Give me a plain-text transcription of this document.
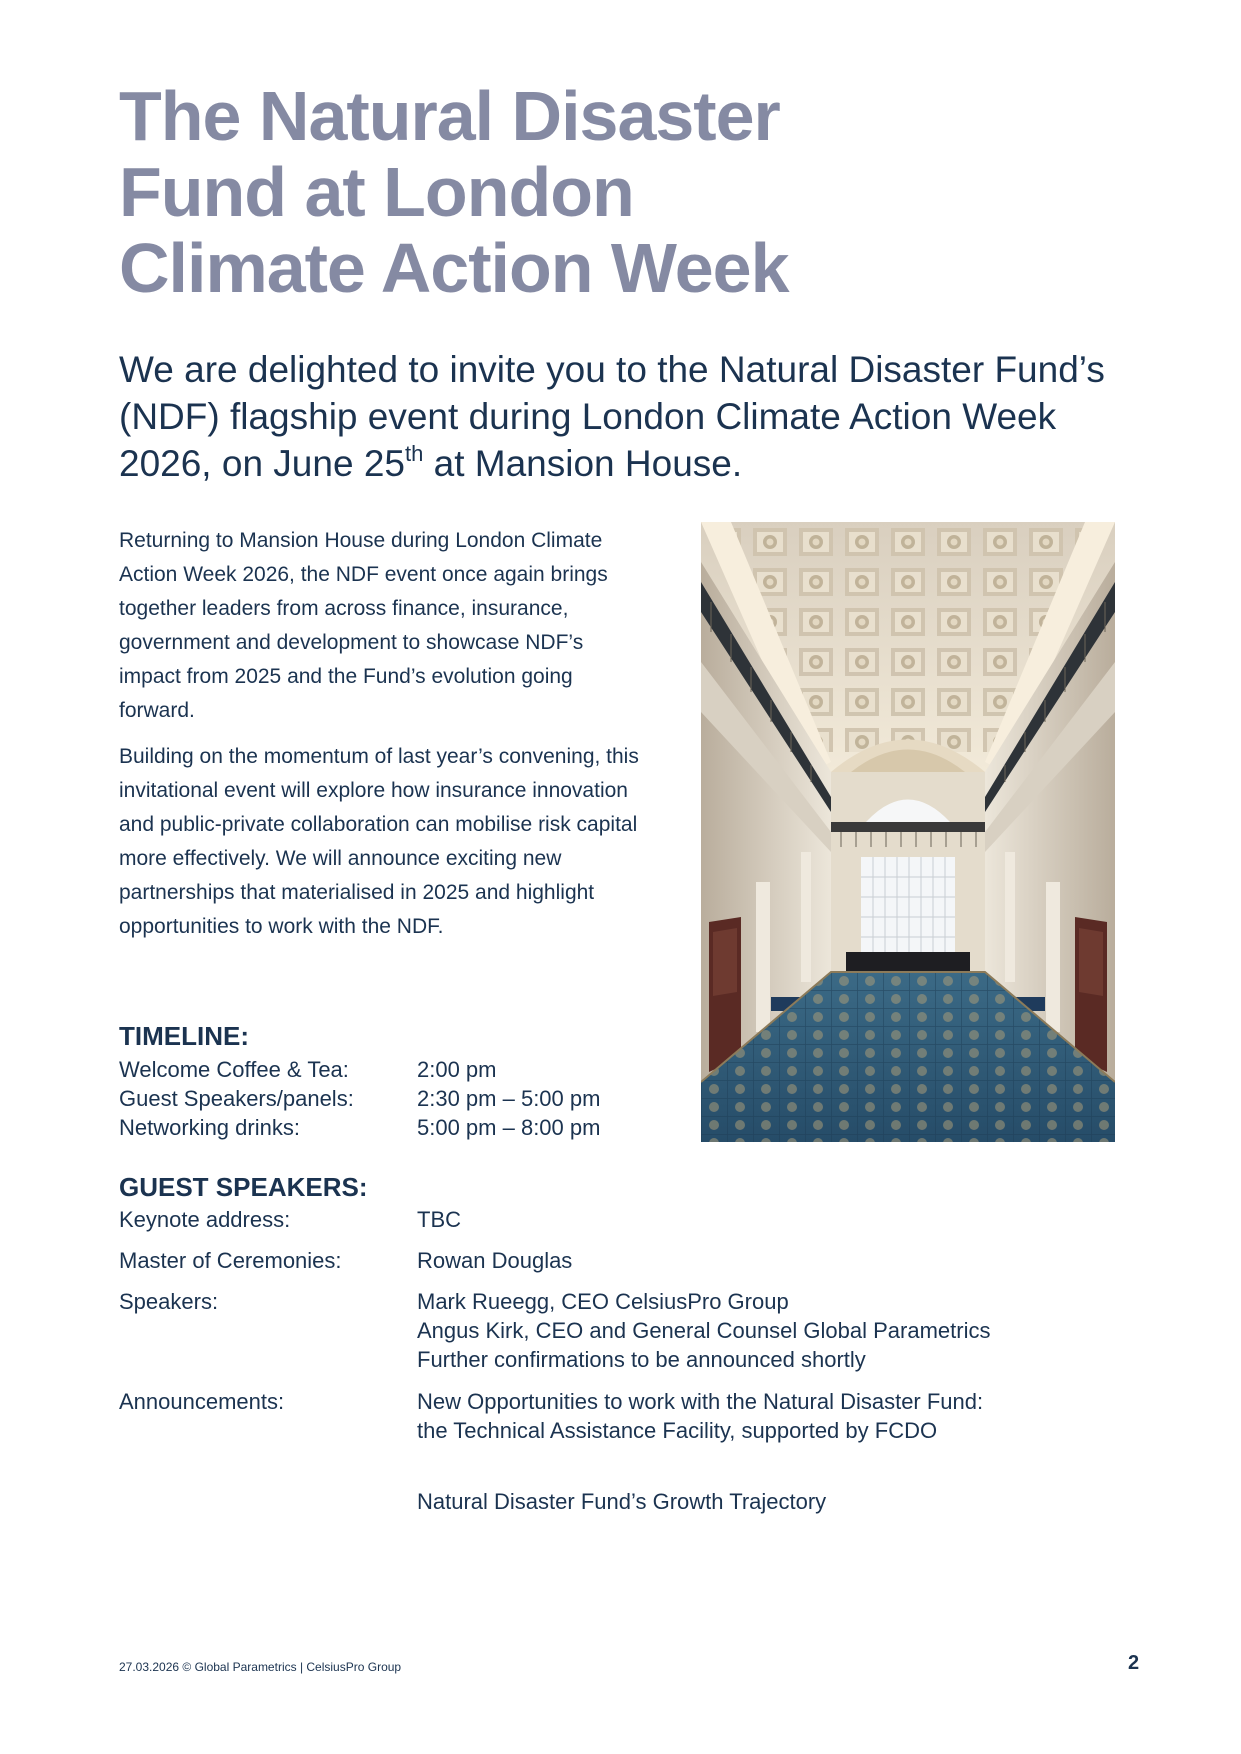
The Natural Disaster
Fund at London
Climate Action Week
We are delighted to invite you to the Natural Disaster Fund’s (NDF) flagship event during London Climate Action Week 2026, on June 25th at Mansion House.

Returning to Mansion House during London Climate Action Week 2026, the NDF event once again brings together leaders from across finance, insurance, government and development to showcase NDF’s impact from 2025 and the Fund’s evolution going forward.

Building on the momentum of last year’s convening, this invitational event will explore how insurance innovation and public-private collaboration can mobilise risk capital more effectively. We will announce exciting new partnerships that materialised in 2025 and highlight opportunities to work with the NDF.

TIMELINE:
Welcome Coffee & Tea:	2:00 pm
Guest Speakers/panels:	2:30 pm – 5:00 pm
Networking drinks:	5:00 pm – 8:00 pm
GUEST SPEAKERS:
Keynote address:	TBC
Master of Ceremonies:	Rowan Douglas
Speakers:	Mark Rueegg, CEO CelsiusPro Group
Angus Kirk, CEO and General Counsel Global Parametrics
Further confirmations to be announced shortly
Announcements:	New Opportunities to work with the Natural Disaster Fund:
the Technical Assistance Facility, supported by FCDO
Natural Disaster Fund’s Growth Trajectory
27.03.2026 © Global Parametrics | CelsiusPro Group	2
